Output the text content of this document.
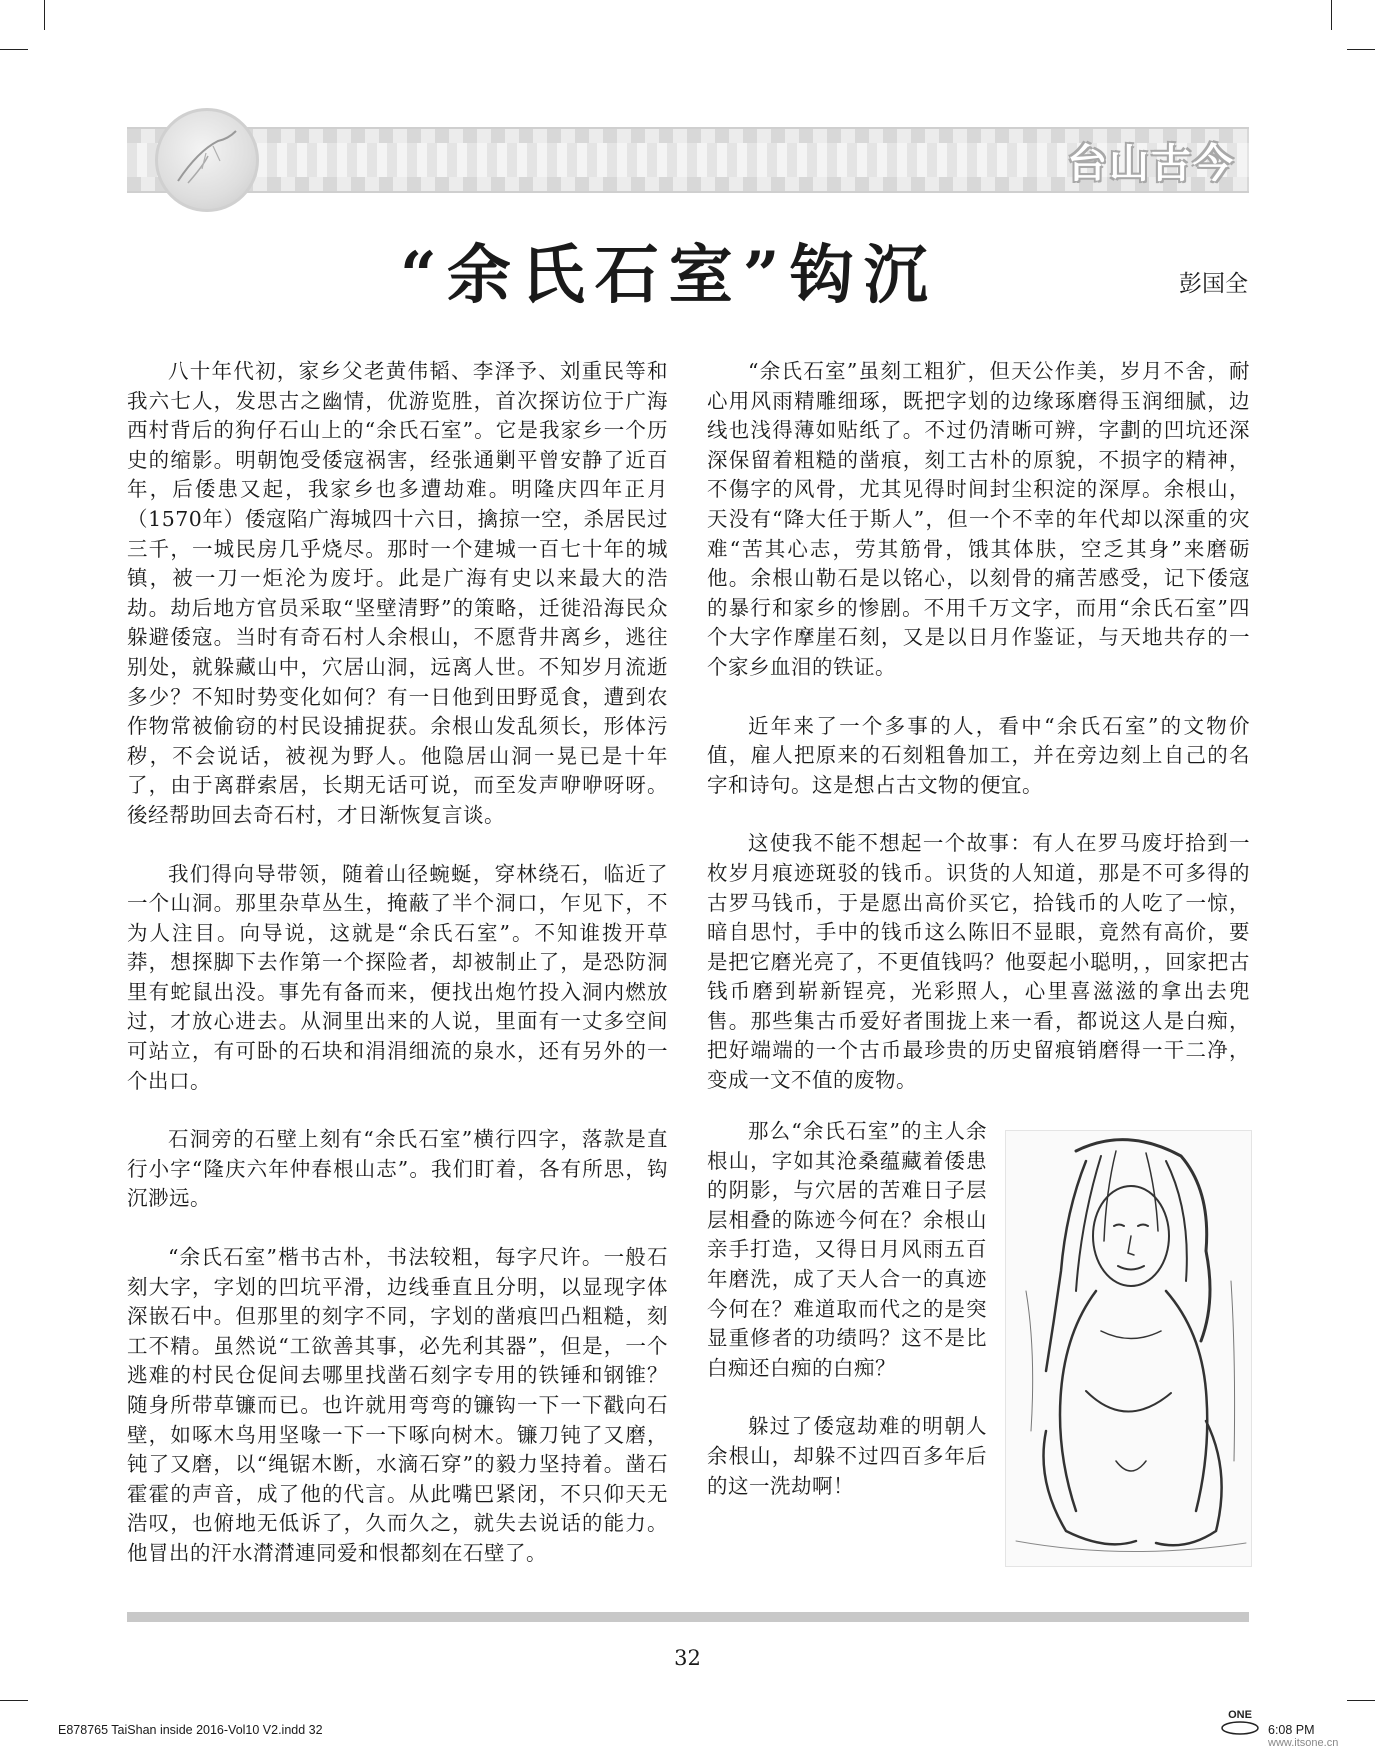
台山古今
“余氏石室”钩沉	彭国全

八十年代初，家乡父老黄伟韬、李泽予、刘重民等和我六七人，发思古之幽情，优游览胜，首次探访位于广海西村背后的狗仔石山上的“余氏石室”。它是我家乡一个历史的缩影。明朝饱受倭寇祸害，经张通剿平曾安静了近百年，后倭患又起，我家乡也多遭劫难。明隆庆四年正月（1570年）倭寇陷广海城四十六日，擒掠一空，杀居民过三千，一城民房几乎烧尽。那时一个建城一百七十年的城镇，被一刀一炬沦为废圩。此是广海有史以来最大的浩劫。劫后地方官员采取“坚壁清野”的策略，迁徙沿海民众躲避倭寇。当时有奇石村人余根山，不愿背井离乡，逃往别处，就躲藏山中，穴居山洞，远离人世。不知岁月流逝多少？不知时势变化如何？有一日他到田野觅食，遭到农作物常被偷窃的村民设捕捉获。余根山发乱须长，形体污秽，不会说话，被视为野人。他隐居山洞一晃已是十年了，由于离群索居，长期无话可说，而至发声咿咿呀呀。後经帮助回去奇石村，才日渐恢复言谈。

我们得向导带领，随着山径蜿蜒，穿林绕石，临近了一个山洞。那里杂草丛生，掩蔽了半个洞口，乍见下，不为人注目。向导说，这就是“余氏石室”。不知谁拨开草莽，想探脚下去作第一个探险者，却被制止了，是恐防洞里有蛇鼠出没。事先有备而来，便找出炮竹投入洞内燃放过，才放心进去。从洞里出来的人说，里面有一丈多空间可站立，有可卧的石块和涓涓细流的泉水，还有另外的一个出口。

石洞旁的石壁上刻有“余氏石室”横行四字，落款是直行小字“隆庆六年仲春根山志”。我们盯着，各有所思，钩沉渺远。

“余氏石室”楷书古朴，书法较粗，每字尺许。一般石刻大字，字划的凹坑平滑，边线垂直且分明，以显现字体深嵌石中。但那里的刻字不同，字划的凿痕凹凸粗糙，刻工不精。虽然说“工欲善其事，必先利其器”，但是，一个逃难的村民仓促间去哪里找凿石刻字专用的铁锤和钢锥？随身所带草镰而已。也许就用弯弯的镰钩一下一下戳向石壁，如啄木鸟用坚喙一下一下啄向树木。镰刀钝了又磨，钝了又磨，以“绳锯木断，水滴石穿”的毅力坚持着。凿石霍霍的声音，成了他的代言。从此嘴巴紧闭，不只仰天无浩叹，也俯地无低诉了，久而久之，就失去说话的能力。他冒出的汗水潸潸連同爱和恨都刻在石壁了。

“余氏石室”虽刻工粗犷，但天公作美，岁月不舍，耐心用风雨精雕细琢，既把字划的边缘琢磨得玉润细腻，边线也浅得薄如贴纸了。不过仍清晰可辨，字劃的凹坑还深深保留着粗糙的凿痕，刻工古朴的原貌，不损字的精神，不傷字的风骨，尤其见得时间封尘积淀的深厚。余根山，天没有“降大任于斯人”，但一个不幸的年代却以深重的灾难“苦其心志，劳其筋骨，饿其体肤，空乏其身”来磨砺他。余根山勒石是以铭心，以刻骨的痛苦感受，记下倭寇的暴行和家乡的惨剧。不用千万文字，而用“余氏石室”四个大字作摩崖石刻，又是以日月作鉴证，与天地共存的一个家乡血泪的铁证。

近年来了一个多事的人，看中“余氏石室”的文物价值，雇人把原来的石刻粗鲁加工，并在旁边刻上自己的名字和诗句。这是想占古文物的便宜。

这使我不能不想起一个故事：有人在罗马废圩拾到一枚岁月痕迹斑驳的钱币。识货的人知道，那是不可多得的古罗马钱币，于是愿出高价买它，拾钱币的人吃了一惊，暗自思忖，手中的钱币这么陈旧不显眼，竟然有高价，要是把它磨光亮了，不更值钱吗？他耍起小聪明，，回家把古钱币磨到崭新锃亮，光彩照人，心里喜滋滋的拿出去兜售。那些集古币爱好者围拢上来一看，都说这人是白痴，把好端端的一个古币最珍贵的历史留痕销磨得一干二净，变成一文不值的废物。

那么“余氏石室”的主人余根山，字如其沧桑蕴藏着倭患的阴影，与穴居的苦难日子层层相叠的陈迹今何在？余根山亲手打造，又得日月风雨五百年磨洗，成了天人合一的真迹今何在？难道取而代之的是突显重修者的功绩吗？这不是比白痴还白痴的白痴？

躲过了倭寇劫难的明朝人余根山，却躲不过四百多年后的这一洗劫啊！

32
E878765 TaiShan inside 2016-Vol10 V2.indd 32
ONE
6:08 PM
www.itsone.cn
